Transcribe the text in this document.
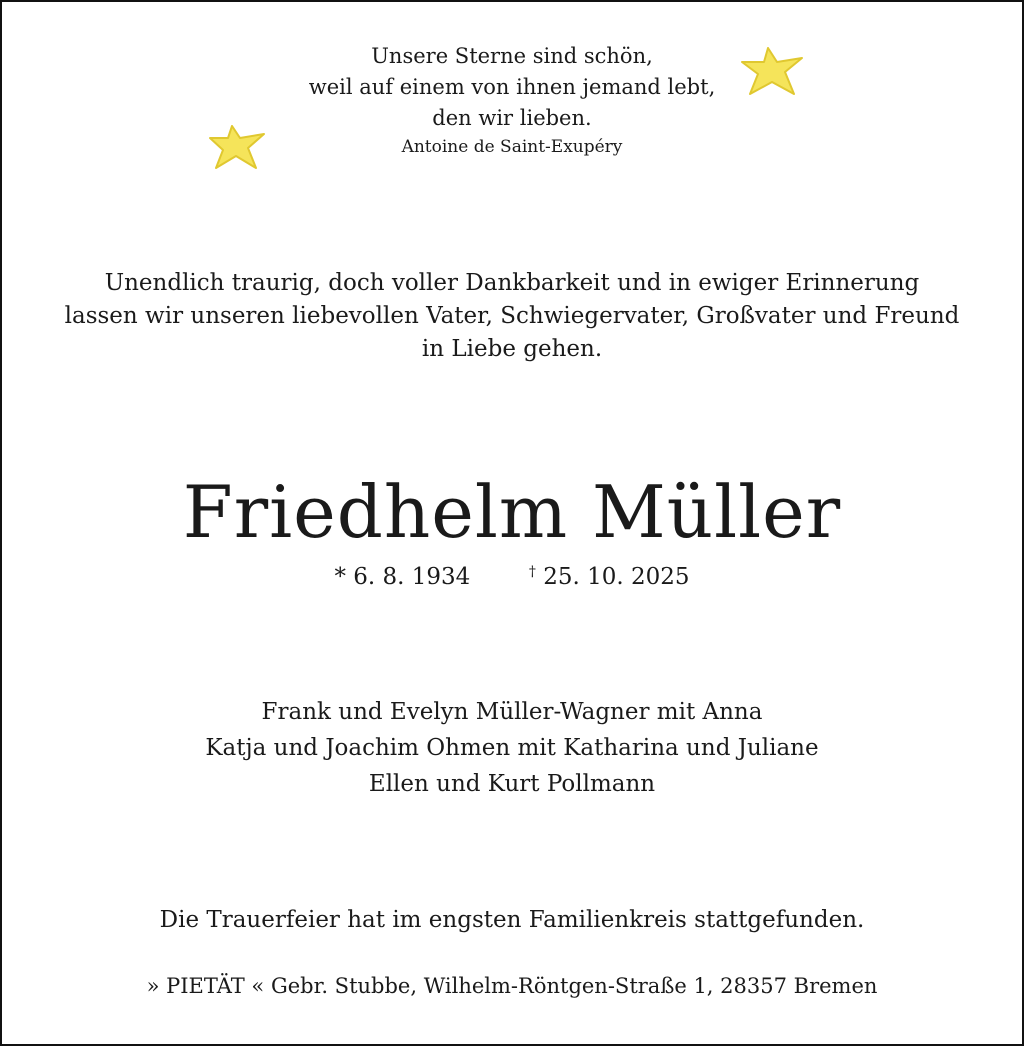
Unsere Sterne sind schön,
weil auf einem von ihnen jemand lebt,
den wir lieben.
Antoine de Saint-Exupéry
Unendlich traurig, doch voller Dankbarkeit und in ewiger Erinnerung
lassen wir unseren liebevollen Vater, Schwiegervater, Großvater und Freund
in Liebe gehen.
Friedhelm Müller
* 6. 8. 1934	† 25. 10. 2025
Frank und Evelyn Müller-Wagner mit Anna
Katja und Joachim Ohmen mit Katharina und Juliane
Ellen und Kurt Pollmann
Die Trauerfeier hat im engsten Familienkreis stattgefunden.
» PIETÄT « Gebr. Stubbe, Wilhelm-Röntgen-Straße 1, 28357 Bremen
